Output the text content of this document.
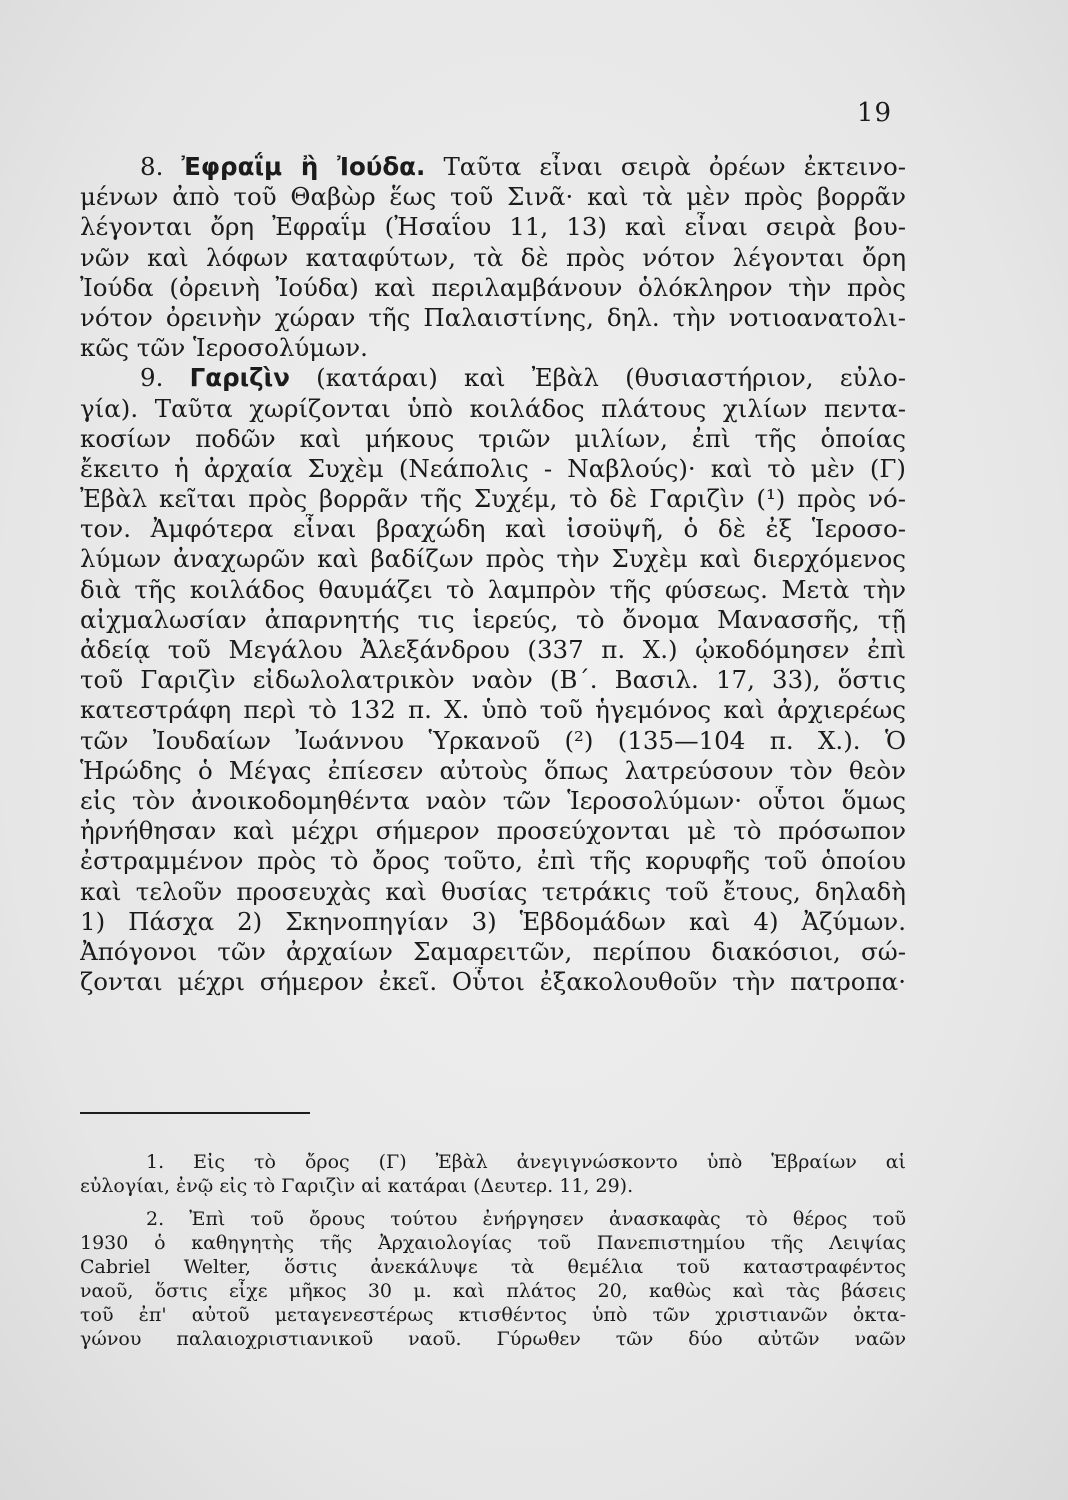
19
8. Ἐφραΐμ ἢ Ἰούδα. Ταῦτα εἶναι σειρὰ ὀρέων ἐκτεινο-
μένων ἀπὸ τοῦ Θαβὼρ ἕως τοῦ Σινᾶ· καὶ τὰ μὲν πρὸς βορρᾶν
λέγονται ὄρη Ἐφραΐμ (Ἠσαΐου 11, 13) καὶ εἶναι σειρὰ βου-
νῶν καὶ λόφων καταφύτων, τὰ δὲ πρὸς νότον λέγονται ὄρη
Ἰούδα (ὀρεινὴ Ἰούδα) καὶ περιλαμβάνουν ὁλόκληρον τὴν πρὸς
νότον ὀρεινὴν χώραν τῆς Παλαιστίνης, δηλ. τὴν νοτιοανατολι-
κῶς τῶν Ἱεροσολύμων.
9. Γαριζὶν (κατάραι) καὶ Ἐβὰλ (θυσιαστήριον, εὐλο-
γία). Ταῦτα χωρίζονται ὑπὸ κοιλάδος πλάτους χιλίων πεντα-
κοσίων ποδῶν καὶ μήκους τριῶν μιλίων, ἐπὶ τῆς ὁποίας
ἔκειτο ἡ ἀρχαία Συχὲμ (Νεάπολις - Ναβλούς)· καὶ τὸ μὲν (Γ)
Ἐβὰλ κεῖται πρὸς βορρᾶν τῆς Συχέμ, τὸ δὲ Γαριζὶν (¹) πρὸς νό-
τον. Ἀμφότερα εἶναι βραχώδη καὶ ἰσοϋψῆ, ὁ δὲ ἐξ Ἱεροσο-
λύμων ἀναχωρῶν καὶ βαδίζων πρὸς τὴν Συχὲμ καὶ διερχόμενος
διὰ τῆς κοιλάδος θαυμάζει τὸ λαμπρὸν τῆς φύσεως. Μετὰ τὴν
αἰχμαλωσίαν ἀπαρνητής τις ἱερεύς, τὸ ὄνομα Μανασσῆς, τῇ
ἀδείᾳ τοῦ Μεγάλου Ἀλεξάνδρου (337 π. Χ.) ᾠκοδόμησεν ἐπὶ
τοῦ Γαριζὶν εἰδωλολατρικὸν ναὸν (Β΄. Βασιλ. 17, 33), ὅστις
κατεστράφη περὶ τὸ 132 π. Χ. ὑπὸ τοῦ ἡγεμόνος καὶ ἀρχιερέως
τῶν Ἰουδαίων Ἰωάννου Ὑρκανοῦ (²) (135—104 π. Χ.). Ὁ
Ἡρώδης ὁ Μέγας ἐπίεσεν αὐτοὺς ὅπως λατρεύσουν τὸν θεὸν
εἰς τὸν ἀνοικοδομηθέντα ναὸν τῶν Ἱεροσολύμων· οὗτοι ὅμως
ἠρνήθησαν καὶ μέχρι σήμερον προσεύχονται μὲ τὸ πρόσωπον
ἐστραμμένον πρὸς τὸ ὄρος τοῦτο, ἐπὶ τῆς κορυφῆς τοῦ ὁποίου
καὶ τελοῦν προσευχὰς καὶ θυσίας τετράκις τοῦ ἔτους, δηλαδὴ
1) Πάσχα 2) Σκηνοπηγίαν 3) Ἑβδομάδων καὶ 4) Ἀζύμων.
Ἀπόγονοι τῶν ἀρχαίων Σαμαρειτῶν, περίπου διακόσιοι, σώ-
ζονται μέχρι σήμερον ἐκεῖ. Οὗτοι ἐξακολουθοῦν τὴν πατροπα·
1. Εἰς τὸ ὄρος (Γ) Ἐβὰλ ἀνεγιγνώσκοντο ὑπὸ Ἑβραίων αἱ
εὐλογίαι, ἐνῷ εἰς τὸ Γαριζὶν αἱ κατάραι (Δευτερ. 11, 29).
2. Ἐπὶ τοῦ ὄρους τούτου ἐνήργησεν ἀνασκαφὰς τὸ θέρος τοῦ
1930 ὁ καθηγητὴς τῆς Ἀρχαιολογίας τοῦ Πανεπιστημίου τῆς Λειψίας
Cabriel Welter, ὅστις ἀνεκάλυψε τὰ θεμέλια τοῦ καταστραφέντος
ναοῦ, ὅστις εἶχε μῆκος 30 μ. καὶ πλάτος 20, καθὼς καὶ τὰς βάσεις
τοῦ ἐπ' αὐτοῦ μεταγενεστέρως κτισθέντος ὑπὸ τῶν χριστιανῶν ὀκτα-
γώνου παλαιοχριστιανικοῦ ναοῦ. Γύρωθεν τῶν δύο αὐτῶν ναῶν
